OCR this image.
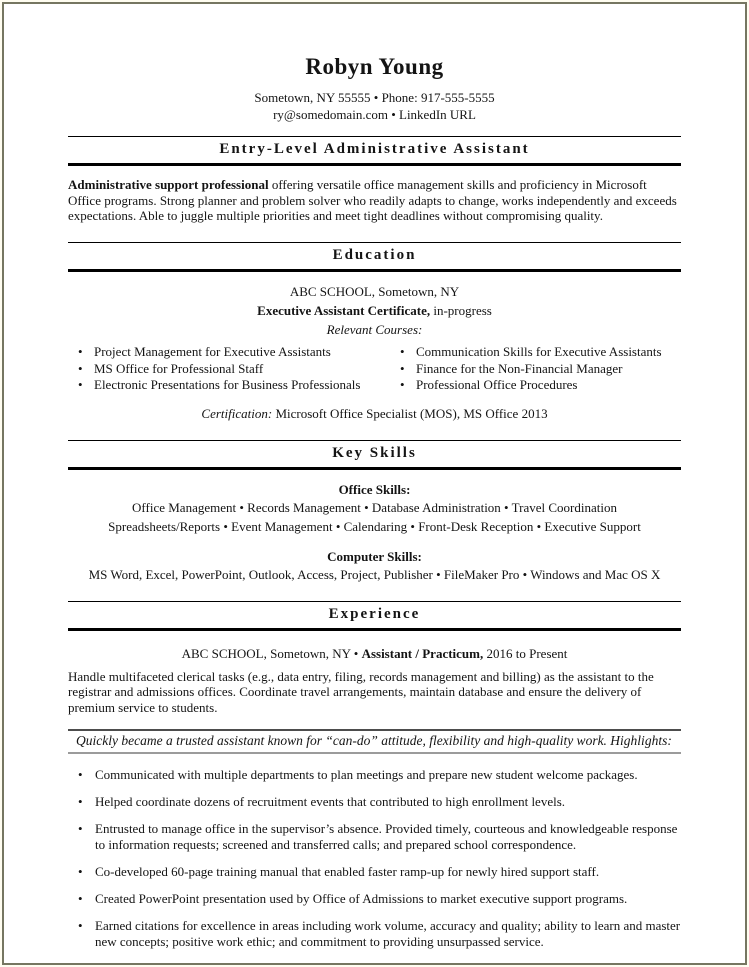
Robyn Young
Sometown, NY 55555 • Phone: 917-555-5555
ry@somedomain.com • LinkedIn URL
Entry-Level Administrative Assistant

Administrative support professional offering versatile office management skills and proficiency in Microsoft Office programs. Strong planner and problem solver who readily adapts to change, works independently and exceeds expectations. Able to juggle multiple priorities and meet tight deadlines without compromising quality.

Education
ABC SCHOOL, Sometown, NY
Executive Assistant Certificate, in-progress
Relevant Courses:
• Project Management for Executive Assistants
• MS Office for Professional Staff
• Electronic Presentations for Business Professionals
• Communication Skills for Executive Assistants
• Finance for the Non-Financial Manager
• Professional Office Procedures
Certification: Microsoft Office Specialist (MOS), MS Office 2013
Key Skills
Office Skills:
Office Management • Records Management • Database Administration • Travel Coordination
Spreadsheets/Reports • Event Management • Calendaring • Front-Desk Reception • Executive Support
Computer Skills:
MS Word, Excel, PowerPoint, Outlook, Access, Project, Publisher • FileMaker Pro • Windows and Mac OS X
Experience
ABC SCHOOL, Sometown, NY • Assistant / Practicum, 2016 to Present

Handle multifaceted clerical tasks (e.g., data entry, filing, records management and billing) as the assistant to the registrar and admissions offices. Coordinate travel arrangements, maintain database and ensure the delivery of premium service to students.

Quickly became a trusted assistant known for “can-do” attitude, flexibility and high-quality work. Highlights:
• Communicated with multiple departments to plan meetings and prepare new student welcome packages.
• Helped coordinate dozens of recruitment events that contributed to high enrollment levels.
• Entrusted to manage office in the supervisor’s absence. Provided timely, courteous and knowledgeable response to information requests; screened and transferred calls; and prepared school correspondence.
• Co-developed 60-page training manual that enabled faster ramp-up for newly hired support staff.
• Created PowerPoint presentation used by Office of Admissions to market executive support programs.
• Earned citations for excellence in areas including work volume, accuracy and quality; ability to learn and master new concepts; positive work ethic; and commitment to providing unsurpassed service.
